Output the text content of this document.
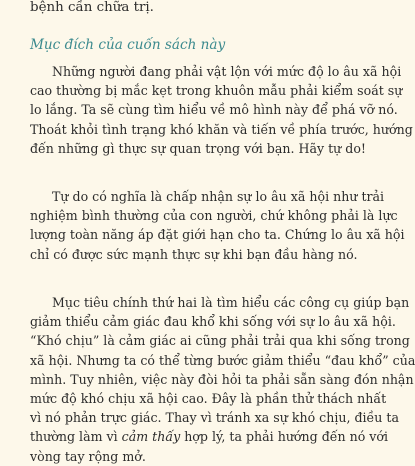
bệnh cần chữa trị.
Mục đích của cuốn sách này
Những người đang phải vật lộn với mức độ lo âu xã hội
cao thường bị mắc kẹt trong khuôn mẫu phải kiểm soát sự
lo lắng. Ta sẽ cùng tìm hiểu về mô hình này để phá vỡ nó.
Thoát khỏi tình trạng khó khăn và tiến về phía trước, hướng
đến những gì thực sự quan trọng với bạn. Hãy tự do!
Tự do có nghĩa là chấp nhận sự lo âu xã hội như trải
nghiệm bình thường của con người, chứ không phải là lực
lượng toàn năng áp đặt giới hạn cho ta. Chứng lo âu xã hội
chỉ có được sức mạnh thực sự khi bạn đầu hàng nó.
Mục tiêu chính thứ hai là tìm hiểu các công cụ giúp bạn
giảm thiểu cảm giác đau khổ khi sống với sự lo âu xã hội.
“Khó chịu” là cảm giác ai cũng phải trải qua khi sống trong
xã hội. Nhưng ta có thể từng bước giảm thiểu “đau khổ” của
mình. Tuy nhiên, việc này đòi hỏi ta phải sẵn sàng đón nhận
mức độ khó chịu xã hội cao. Đây là phần thử thách nhất
vì nó phản trực giác. Thay vì tránh xa sự khó chịu, điều ta
thường làm vì cảm thấy hợp lý, ta phải hướng đến nó với
vòng tay rộng mở.
